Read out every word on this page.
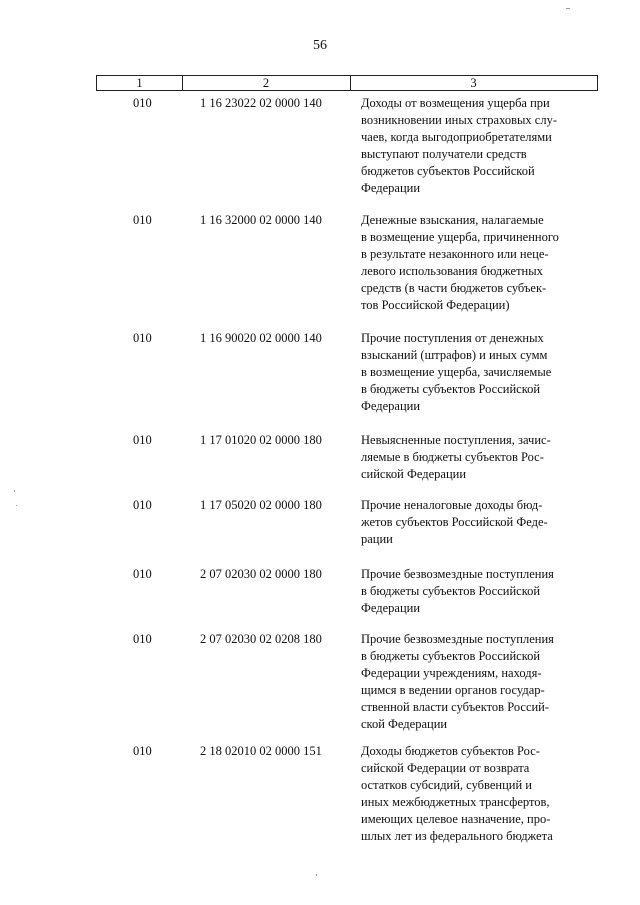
56
1	2	3
010	1 16 23022 02 0000 140	Доходы от возмещения ущерба при
возникновении иных страховых слу-
чаев, когда выгодоприобретателями
выступают получатели средств
бюджетов субъектов Российской
Федерации
010	1 16 32000 02 0000 140	Денежные взыскания, налагаемые
в возмещение ущерба, причиненного
в результате незаконного или неце-
левого использования бюджетных
средств (в части бюджетов субъек-
тов Российской Федерации)
010	1 16 90020 02 0000 140	Прочие поступления от денежных
взысканий (штрафов) и иных сумм
в возмещение ущерба, зачисляемые
в бюджеты субъектов Российской
Федерации
010	1 17 01020 02 0000 180	Невыясненные поступления, зачис-
ляемые в бюджеты субъектов Рос-
сийской Федерации
010	1 17 05020 02 0000 180	Прочие неналоговые доходы бюд-
жетов субъектов Российской Феде-
рации
010	2 07 02030 02 0000 180	Прочие безвозмездные поступления
в бюджеты субъектов Российской
Федерации
010	2 07 02030 02 0208 180	Прочие безвозмездные поступления
в бюджеты субъектов Российской
Федерации учреждениям, находя-
щимся в ведении органов государ-
ственной власти субъектов Россий-
ской Федерации
010	2 18 02010 02 0000 151	Доходы бюджетов субъектов Рос-
сийской Федерации от возврата
остатков субсидий, субвенций и
иных межбюджетных трансфертов,
имеющих целевое назначение, про-
шлых лет из федерального бюджета
